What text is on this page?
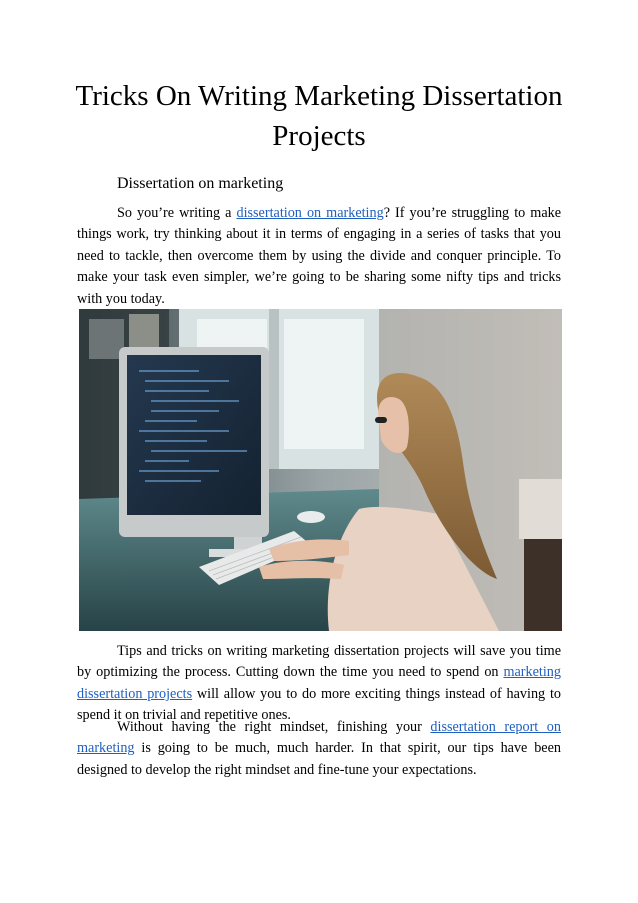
Tricks On Writing Marketing Dissertation Projects
Dissertation on marketing

So you’re writing a dissertation on marketing? If you’re struggling to make things work, try thinking about it in terms of engaging in a series of tasks that you need to tackle, then overcome them by using the divide and conquer principle. To make your task even simpler, we’re going to be sharing some nifty tips and tricks with you today.

Tips and tricks on writing marketing dissertation projects will save you time by optimizing the process. Cutting down the time you need to spend on marketing dissertation projects will allow you to do more exciting things instead of having to spend it on trivial and repetitive ones.

Without having the right mindset, finishing your dissertation report on marketing is going to be much, much harder. In that spirit, our tips have been designed to develop the right mindset and fine-tune your expectations.
